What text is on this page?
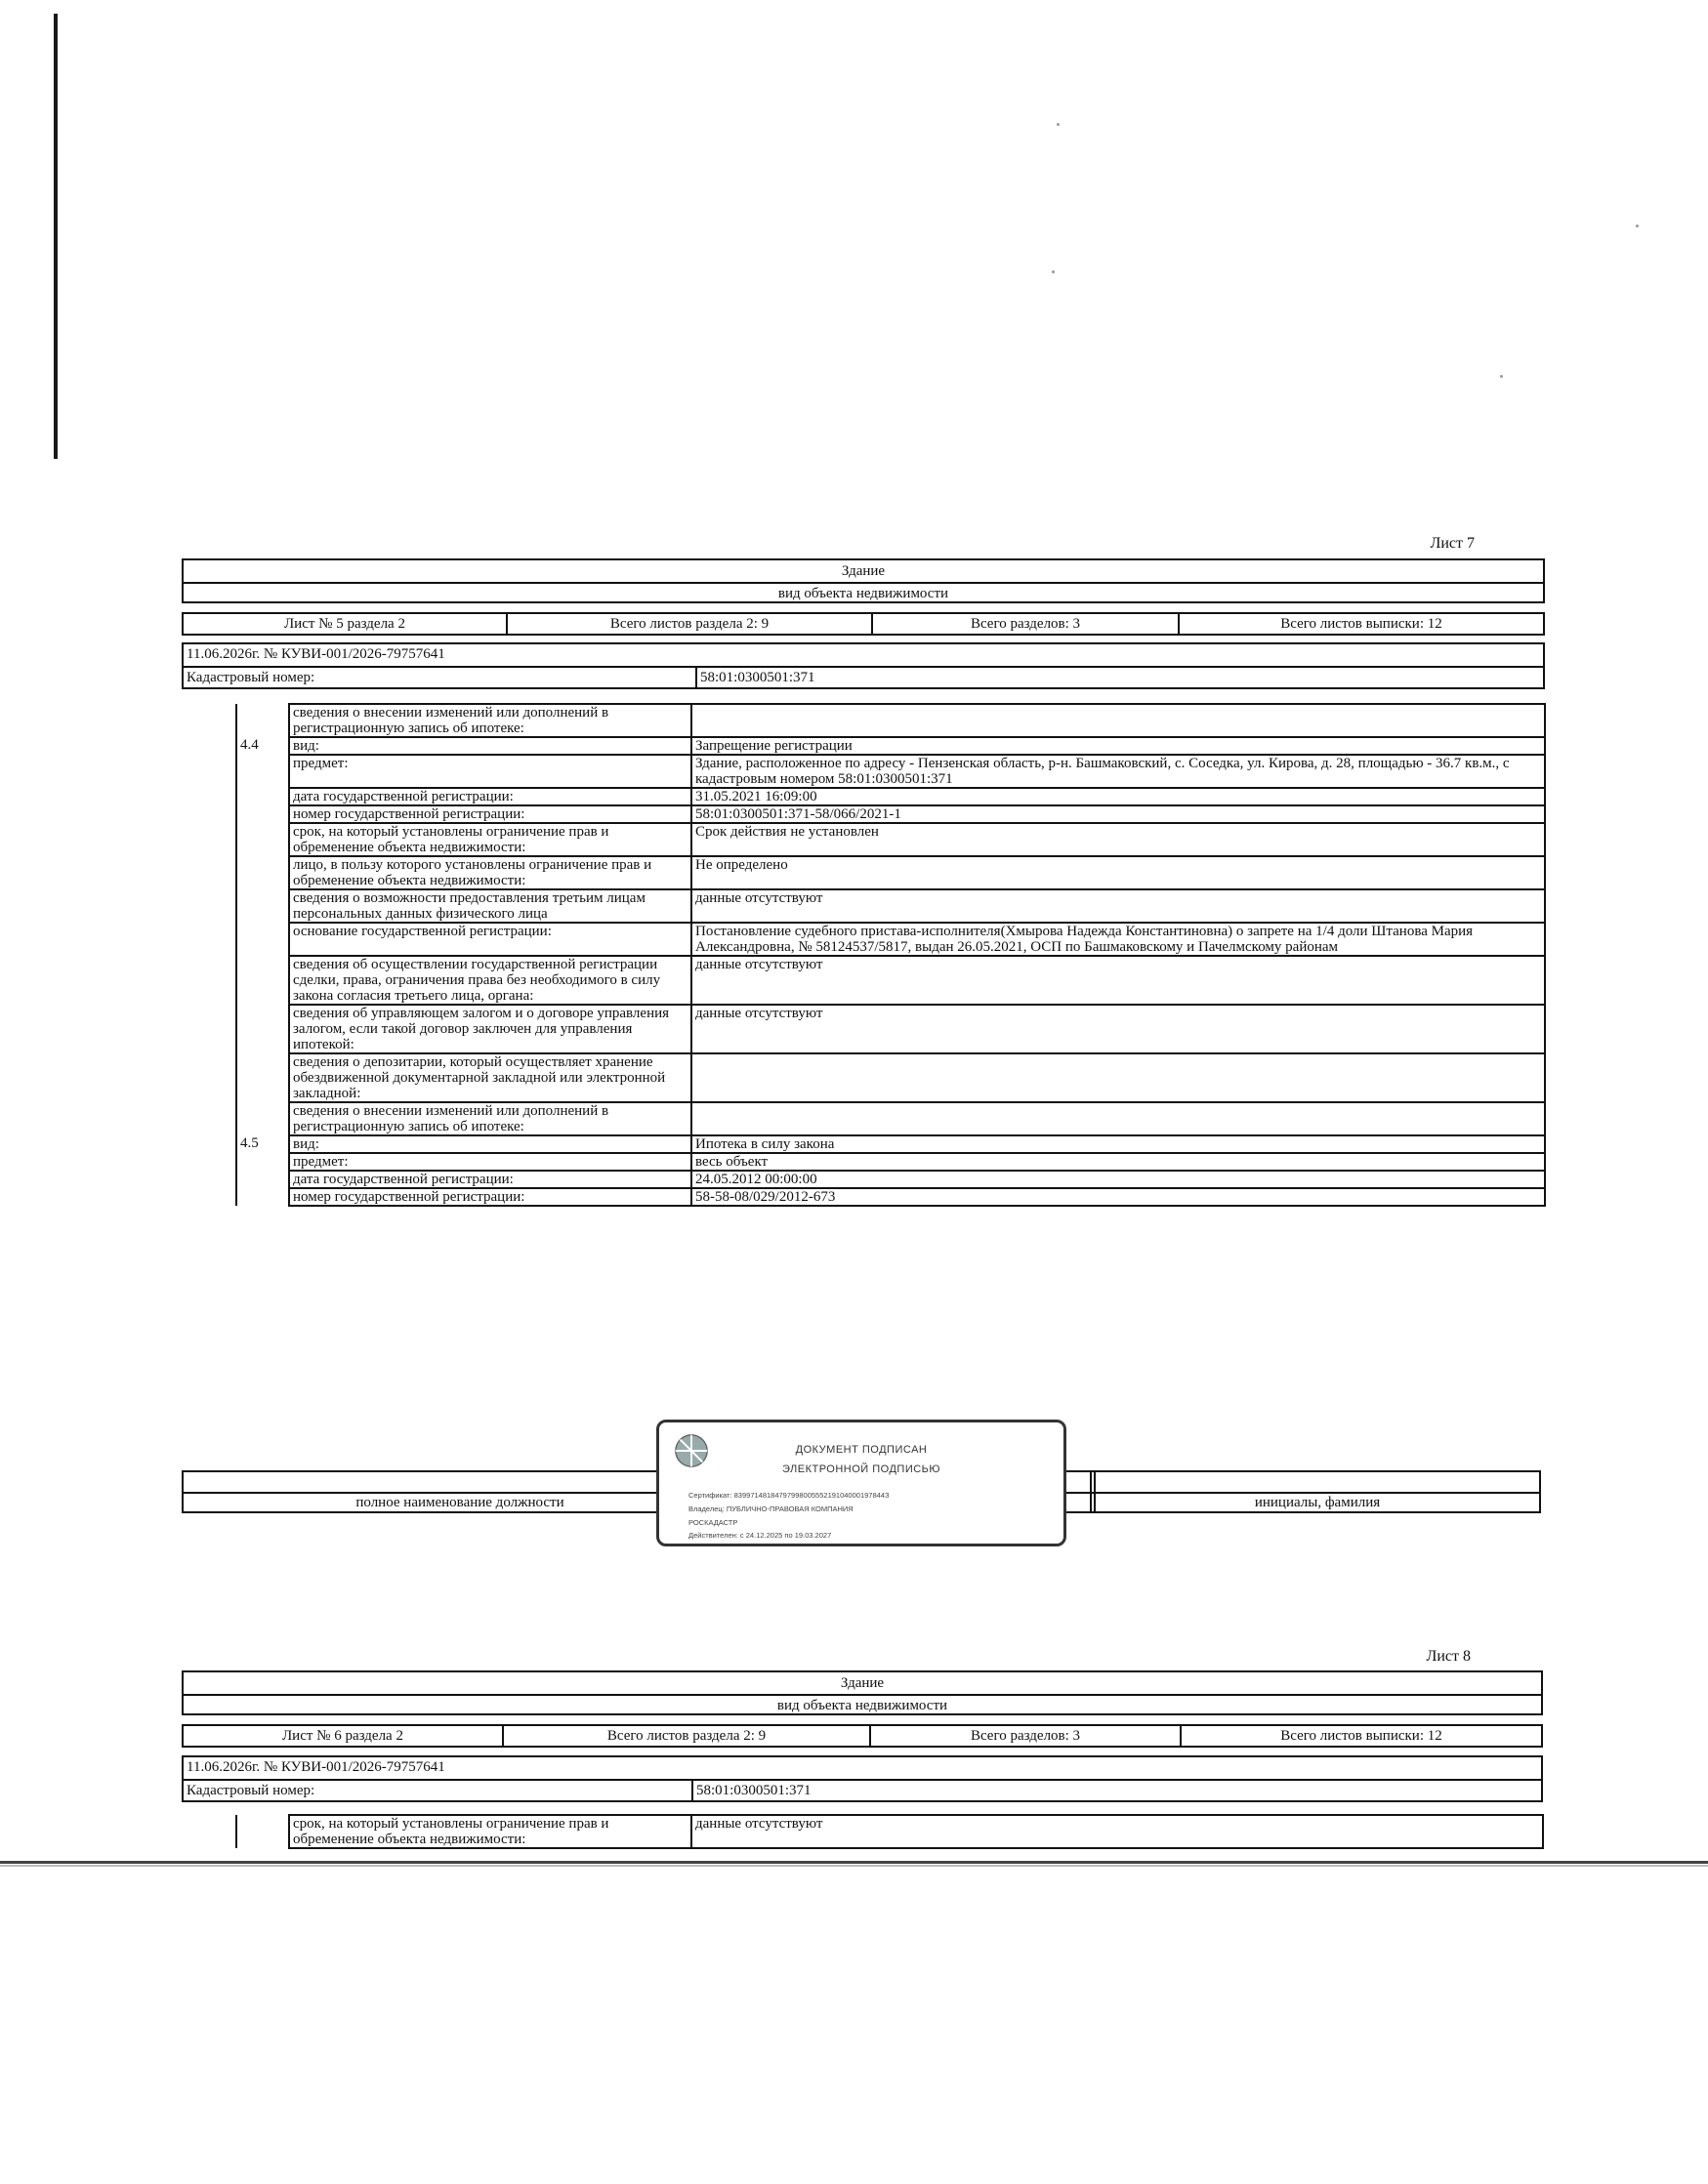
Лист 7
Здание
вид объекта недвижимости
Лист № 5 раздела 2	Всего листов раздела 2: 9	Всего разделов: 3	Всего листов выписки: 12
11.06.2026г. № КУВИ-001/2026-79757641
Кадастровый номер:	58:01:0300501:371
		сведения о внесении изменений или дополнений в регистрационную запись об ипотеке:	
	4.4	вид:	Запрещение регистрации
		предмет:	Здание, расположенное по адресу - Пензенская область, р-н. Башмаковский, с. Соседка, ул. Кирова, д. 28, площадью - 36.7 кв.м., с кадастровым номером 58:01:0300501:371
		дата государственной регистрации:	31.05.2021 16:09:00
		номер государственной регистрации:	58:01:0300501:371-58/066/2021-1
		срок, на который установлены ограничение прав и обременение объекта недвижимости:	Срок действия не установлен
		лицо, в пользу которого установлены ограничение прав и обременение объекта недвижимости:	Не определено
		сведения о возможности предоставления третьим лицам персональных данных физического лица	данные отсутствуют
		основание государственной регистрации:	Постановление судебного пристава-исполнителя(Хмырова Надежда Константиновна) о запрете на 1/4 доли Штанова Мария Александровна, № 58124537/5817, выдан 26.05.2021, ОСП по Башмаковскому и Пачелмскому районам
		сведения об осуществлении государственной регистрации сделки, права, ограничения права без необходимого в силу закона согласия третьего лица, органа:	данные отсутствуют
		сведения об управляющем залогом и о договоре управления залогом, если такой договор заключен для управления ипотекой:	данные отсутствуют
		сведения о депозитарии, который осуществляет хранение обездвиженной документарной закладной или электронной закладной:	
		сведения о внесении изменений или дополнений в регистрационную запись об ипотеке:	
	4.5	вид:	Ипотека в силу закона
		предмет:	весь объект
		дата государственной регистрации:	24.05.2012 00:00:00
		номер государственной регистрации:	58-58-08/029/2012-673
полное наименование должности	инициалы, фамилия
ДОКУМЕНТ ПОДПИСАН
ЭЛЕКТРОННОЙ ПОДПИСЬЮ
Сертификат: 8399714818479799800555219104000197844З
Владелец: ПУБЛИЧНО-ПРАВОВАЯ КОМПАНИЯ
РОСКАДАСТР
Действителен: с 24.12.2025 по 19.03.2027
Лист 8
Здание
вид объекта недвижимости
Лист № 6 раздела 2	Всего листов раздела 2: 9	Всего разделов: 3	Всего листов выписки: 12
11.06.2026г. № КУВИ-001/2026-79757641
Кадастровый номер:	58:01:0300501:371
		срок, на который установлены ограничение прав и обременение объекта недвижимости:	данные отсутствуют
